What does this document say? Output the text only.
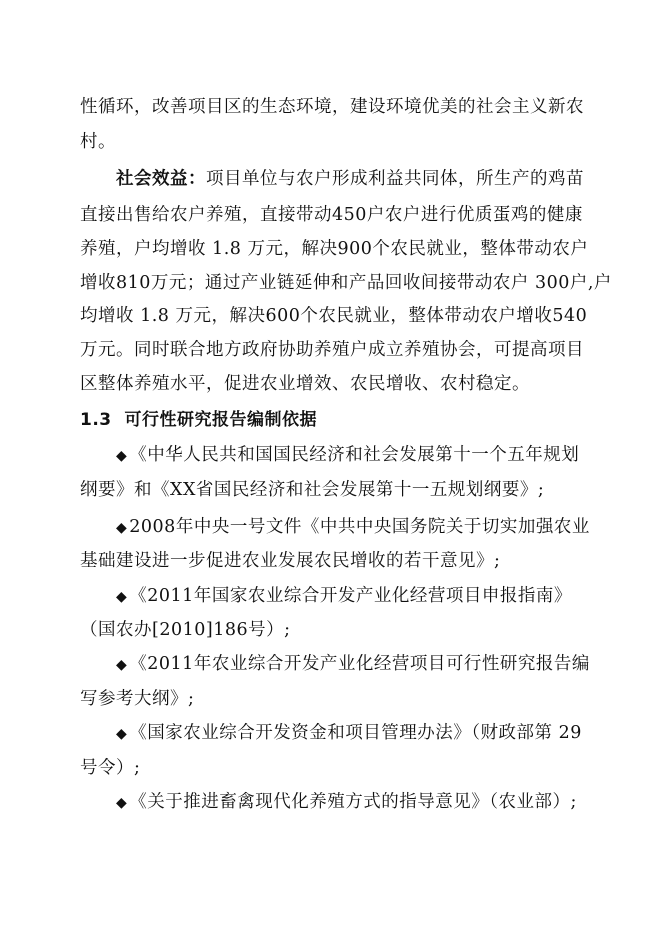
性循环，改善项目区的生态环境，建设环境优美的社会主义新农
村。
社会效益：项目单位与农户形成利益共同体，所生产的鸡苗
直接出售给农户养殖，直接带动450户农户进行优质蛋鸡的健康
养殖，户均增收 1.8 万元，解决900个农民就业，整体带动农户
增收810万元；通过产业链延伸和产品回收间接带动农户 300户,户
均增收 1.8 万元，解决600个农民就业，整体带动农户增收540
万元。同时联合地方政府协助养殖户成立养殖协会，可提高项目
区整体养殖水平，促进农业增效、农民增收、农村稳定。
1.3 可行性研究报告编制依据
◆ 《中华人民共和国国民经济和社会发展第十一个五年规划
纲要》和《XX省国民经济和社会发展第十一五规划纲要》;
◆ 2008年中央一号文件《中共中央国务院关于切实加强农业
基础建设进一步促进农业发展农民增收的若干意见》;
◆ 《2011年国家农业综合开发产业化经营项目申报指南》
（国农办[2010]186号）;
◆ 《2011年农业综合开发产业化经营项目可行性研究报告编
写参考大纲》;
◆ 《国家农业综合开发资金和项目管理办法》（财政部第 29
号令）;
◆ 《关于推进畜禽现代化养殖方式的指导意见》（农业部）;
